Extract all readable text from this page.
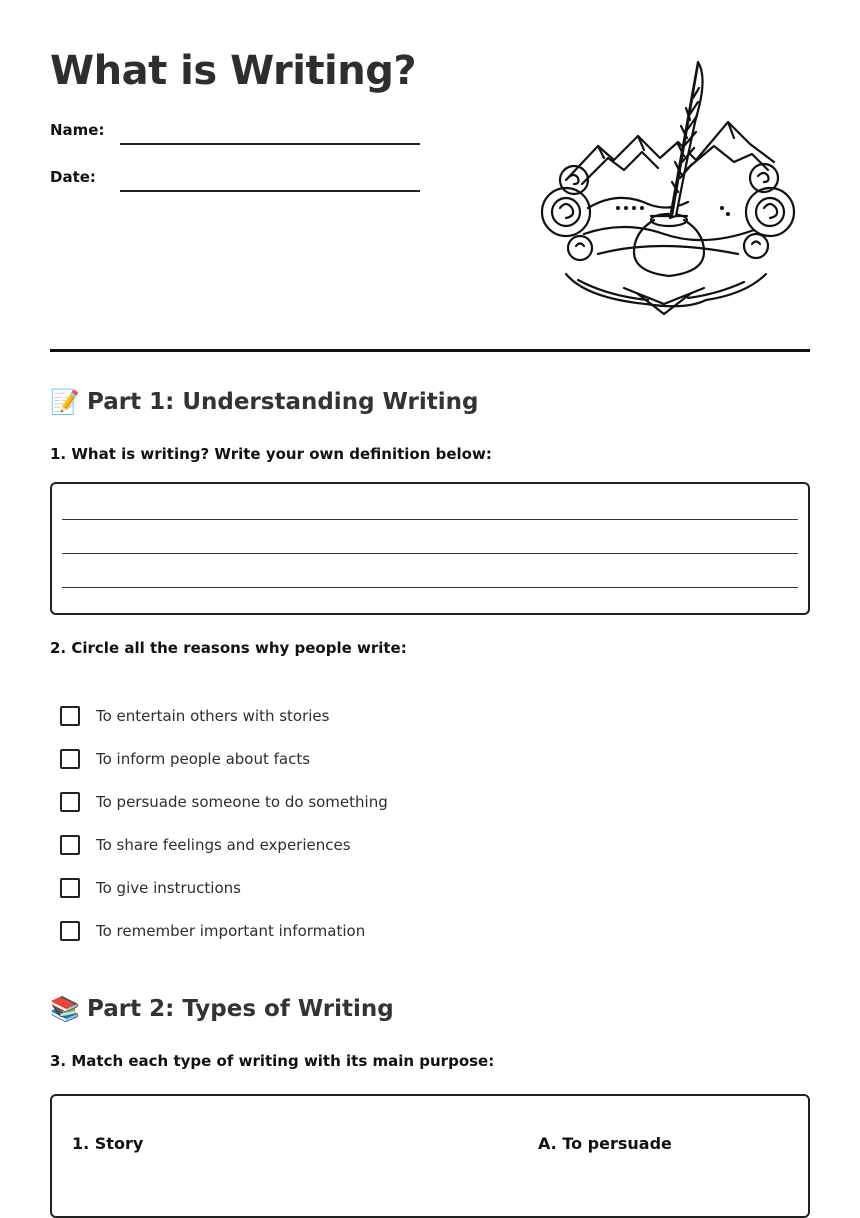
What is Writing?
Name:
Date:
📝 Part 1: Understanding Writing

1. What is writing? Write your own definition below:

2. Circle all the reasons why people write:

To entertain others with stories
To inform people about facts
To persuade someone to do something
To share feelings and experiences
To give instructions
To remember important information
📚 Part 2: Types of Writing

3. Match each type of writing with its main purpose:

1. Story	A. To persuade
